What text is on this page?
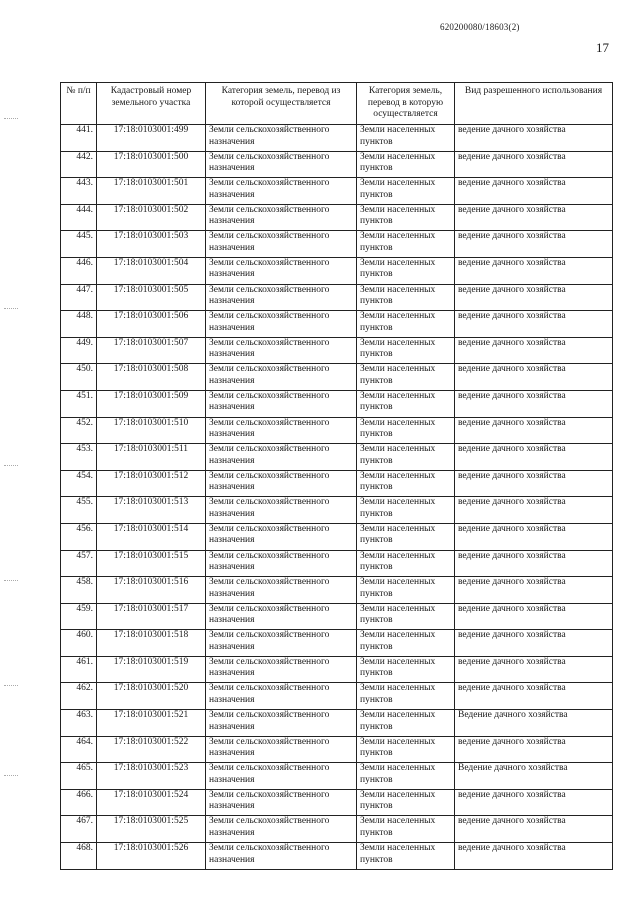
620200080/18603(2)
17
№ п/п	Кадастровый номер земельного участка	Категория земель, перевод из которой осуществляется	Категория земель, перевод в которую осуществляется	Вид разрешенного использования
441.	17:18:0103001:499	Земли сельскохозяйственного назначения	Земли населенных пунктов	ведение дачного хозяйства
442.	17:18:0103001:500	Земли сельскохозяйственного назначения	Земли населенных пунктов	ведение дачного хозяйства
443.	17:18:0103001:501	Земли сельскохозяйственного назначения	Земли населенных пунктов	ведение дачного хозяйства
444.	17:18:0103001:502	Земли сельскохозяйственного назначения	Земли населенных пунктов	ведение дачного хозяйства
445.	17:18:0103001:503	Земли сельскохозяйственного назначения	Земли населенных пунктов	ведение дачного хозяйства
446.	17:18:0103001:504	Земли сельскохозяйственного назначения	Земли населенных пунктов	ведение дачного хозяйства
447.	17:18:0103001:505	Земли сельскохозяйственного назначения	Земли населенных пунктов	ведение дачного хозяйства
448.	17:18:0103001:506	Земли сельскохозяйственного назначения	Земли населенных пунктов	ведение дачного хозяйства
449.	17:18:0103001:507	Земли сельскохозяйственного назначения	Земли населенных пунктов	ведение дачного хозяйства
450.	17:18:0103001:508	Земли сельскохозяйственного назначения	Земли населенных пунктов	ведение дачного хозяйства
451.	17:18:0103001:509	Земли сельскохозяйственного назначения	Земли населенных пунктов	ведение дачного хозяйства
452.	17:18:0103001:510	Земли сельскохозяйственного назначения	Земли населенных пунктов	ведение дачного хозяйства
453.	17:18:0103001:511	Земли сельскохозяйственного назначения	Земли населенных пунктов	ведение дачного хозяйства
454.	17:18:0103001:512	Земли сельскохозяйственного назначения	Земли населенных пунктов	ведение дачного хозяйства
455.	17:18:0103001:513	Земли сельскохозяйственного назначения	Земли населенных пунктов	ведение дачного хозяйства
456.	17:18:0103001:514	Земли сельскохозяйственного назначения	Земли населенных пунктов	ведение дачного хозяйства
457.	17:18:0103001:515	Земли сельскохозяйственного назначения	Земли населенных пунктов	ведение дачного хозяйства
458.	17:18:0103001:516	Земли сельскохозяйственного назначения	Земли населенных пунктов	ведение дачного хозяйства
459.	17:18:0103001:517	Земли сельскохозяйственного назначения	Земли населенных пунктов	ведение дачного хозяйства
460.	17:18:0103001:518	Земли сельскохозяйственного назначения	Земли населенных пунктов	ведение дачного хозяйства
461.	17:18:0103001:519	Земли сельскохозяйственного назначения	Земли населенных пунктов	ведение дачного хозяйства
462.	17:18:0103001:520	Земли сельскохозяйственного назначения	Земли населенных пунктов	ведение дачного хозяйства
463.	17:18:0103001:521	Земли сельскохозяйственного назначения	Земли населенных пунктов	Ведение дачного хозяйства
464.	17:18:0103001:522	Земли сельскохозяйственного назначения	Земли населенных пунктов	ведение дачного хозяйства
465.	17:18:0103001:523	Земли сельскохозяйственного назначения	Земли населенных пунктов	Ведение дачного хозяйства
466.	17:18:0103001:524	Земли сельскохозяйственного назначения	Земли населенных пунктов	ведение дачного хозяйства
467.	17:18:0103001:525	Земли сельскохозяйственного назначения	Земли населенных пунктов	ведение дачного хозяйства
468.	17:18:0103001:526	Земли сельскохозяйственного назначения	Земли населенных пунктов	ведение дачного хозяйства
